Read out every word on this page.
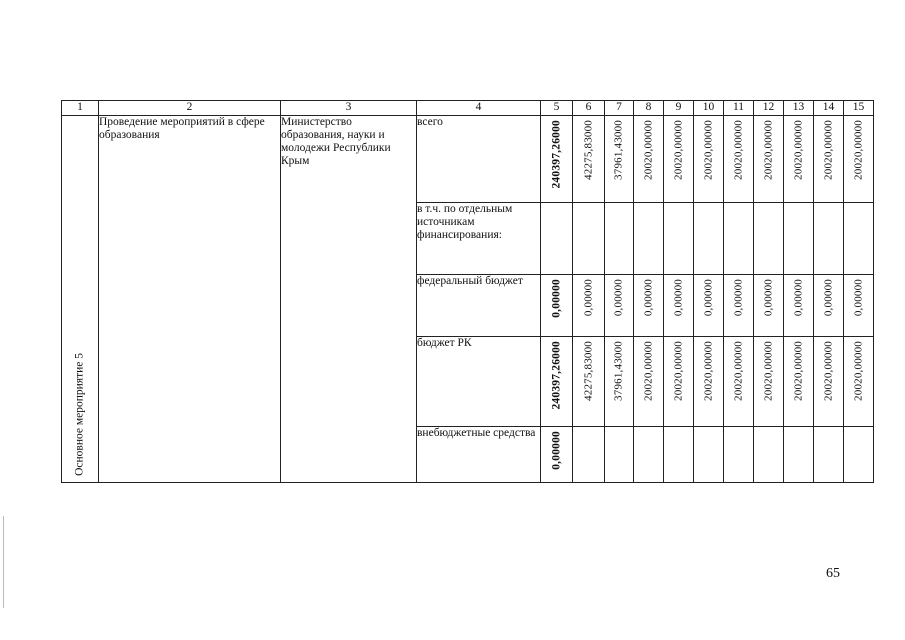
1	2	3	4	5	6	7	8	9	10	11	12	13	14	15

Основное мероприятие 5	Проведение мероприятий в сфере образования	Министерство образования, науки и молодежи Республики Крым	всего	240397,26000	42275,83000	37961,43000	20020,00000	20020,00000	20020,00000	20020,00000	20020,00000	20020,00000	20020,00000	20020,00000

			в т.ч. по отдельным источникам финансирования:	

			федеральный бюджет	0,00000	0,00000	0,00000	0,00000	0,00000	0,00000	0,00000	0,00000	0,00000	0,00000	0,00000

			бюджет РК	240397,26000	42275,83000	37961,43000	20020,00000	20020,00000	20020,00000	20020,00000	20020,00000	20020,00000	20020,00000	20020,00000

			внебюджетные средства	0,00000										

65
